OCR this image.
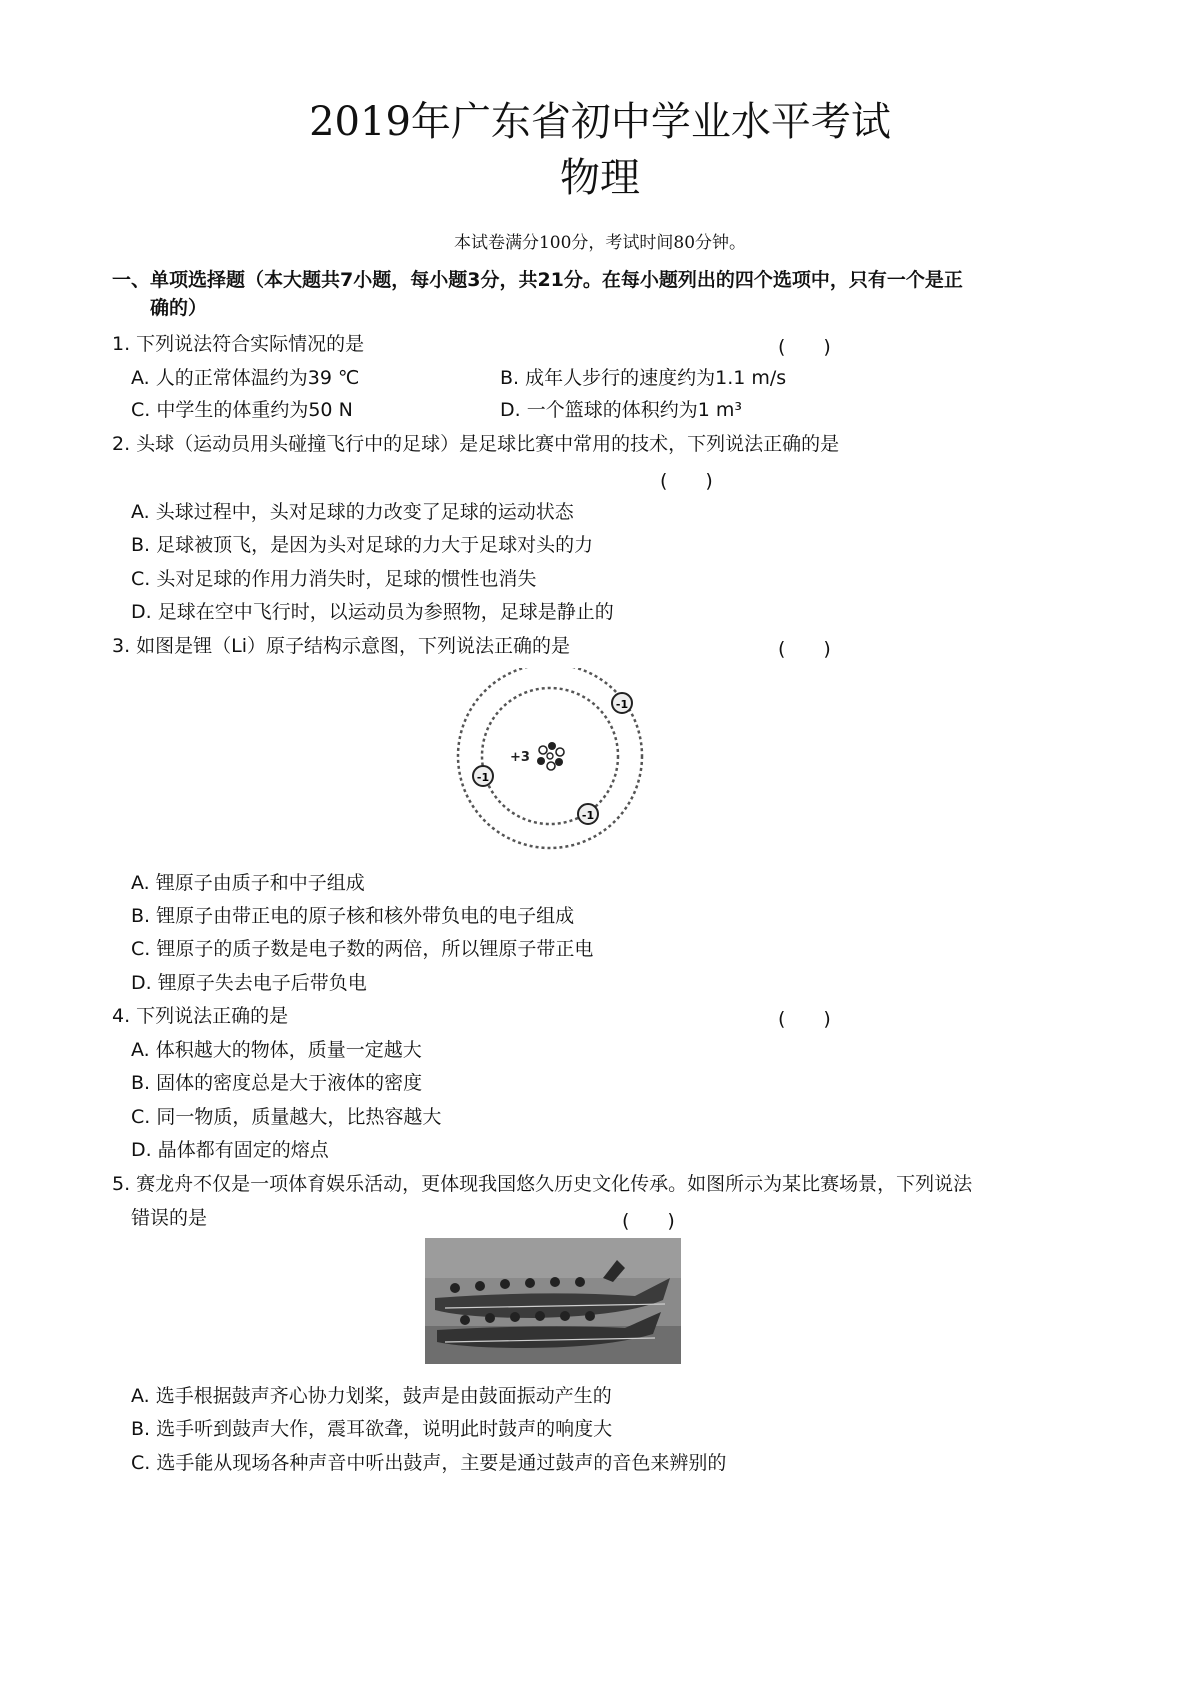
2019年广东省初中学业水平考试
物理
本试卷满分100分，考试时间80分钟。
一、单项选择题（本大题共7小题，每小题3分，共21分。在每小题列出的四个选项中，只有一个是正
确的）
1. 下列说法符合实际情况的是	(　　)
A. 人的正常体温约为39 ℃	B. 成年人步行的速度约为1.1 m/s
C. 中学生的体重约为50 N	D. 一个篮球的体积约为1 m³
2. 头球（运动员用头碰撞飞行中的足球）是足球比赛中常用的技术，下列说法正确的是
(　　)
A. 头球过程中，头对足球的力改变了足球的运动状态
B. 足球被顶飞，是因为头对足球的力大于足球对头的力
C. 头对足球的作用力消失时，足球的惯性也消失
D. 足球在空中飞行时，以运动员为参照物，足球是静止的
3. 如图是锂（Li）原子结构示意图，下列说法正确的是	(　　)
+3
-1
-1
-1
A. 锂原子由质子和中子组成
B. 锂原子由带正电的原子核和核外带负电的电子组成
C. 锂原子的质子数是电子数的两倍，所以锂原子带正电
D. 锂原子失去电子后带负电
4. 下列说法正确的是	(　　)
A. 体积越大的物体，质量一定越大
B. 固体的密度总是大于液体的密度
C. 同一物质，质量越大，比热容越大
D. 晶体都有固定的熔点
5. 赛龙舟不仅是一项体育娱乐活动，更体现我国悠久历史文化传承。如图所示为某比赛场景，下列说法
错误的是	(　　)
A. 选手根据鼓声齐心协力划桨，鼓声是由鼓面振动产生的
B. 选手听到鼓声大作，震耳欲聋，说明此时鼓声的响度大
C. 选手能从现场各种声音中听出鼓声，主要是通过鼓声的音色来辨别的
